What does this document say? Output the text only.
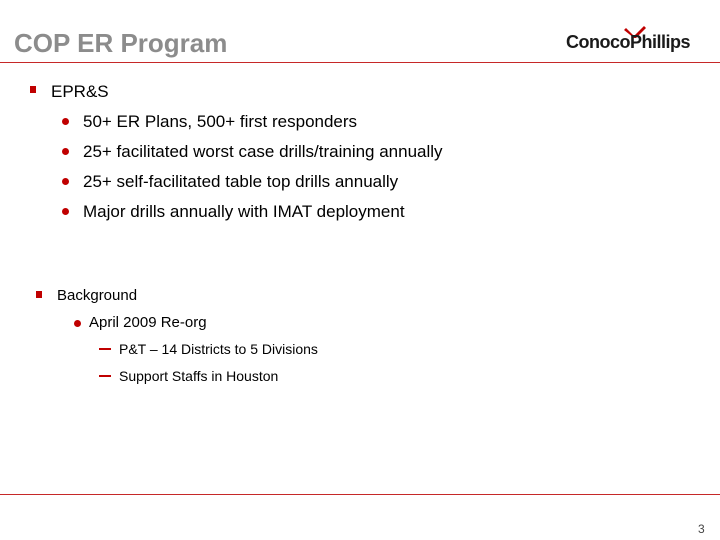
COP ER Program	ConocoPhillips
EPR&S
50+ ER Plans, 500+ first responders
25+ facilitated worst case drills/training annually
25+ self-facilitated table top drills annually
Major drills annually with IMAT deployment
Background
April 2009 Re-org
P&T – 14 Districts to 5 Divisions
Support Staffs in Houston
3
